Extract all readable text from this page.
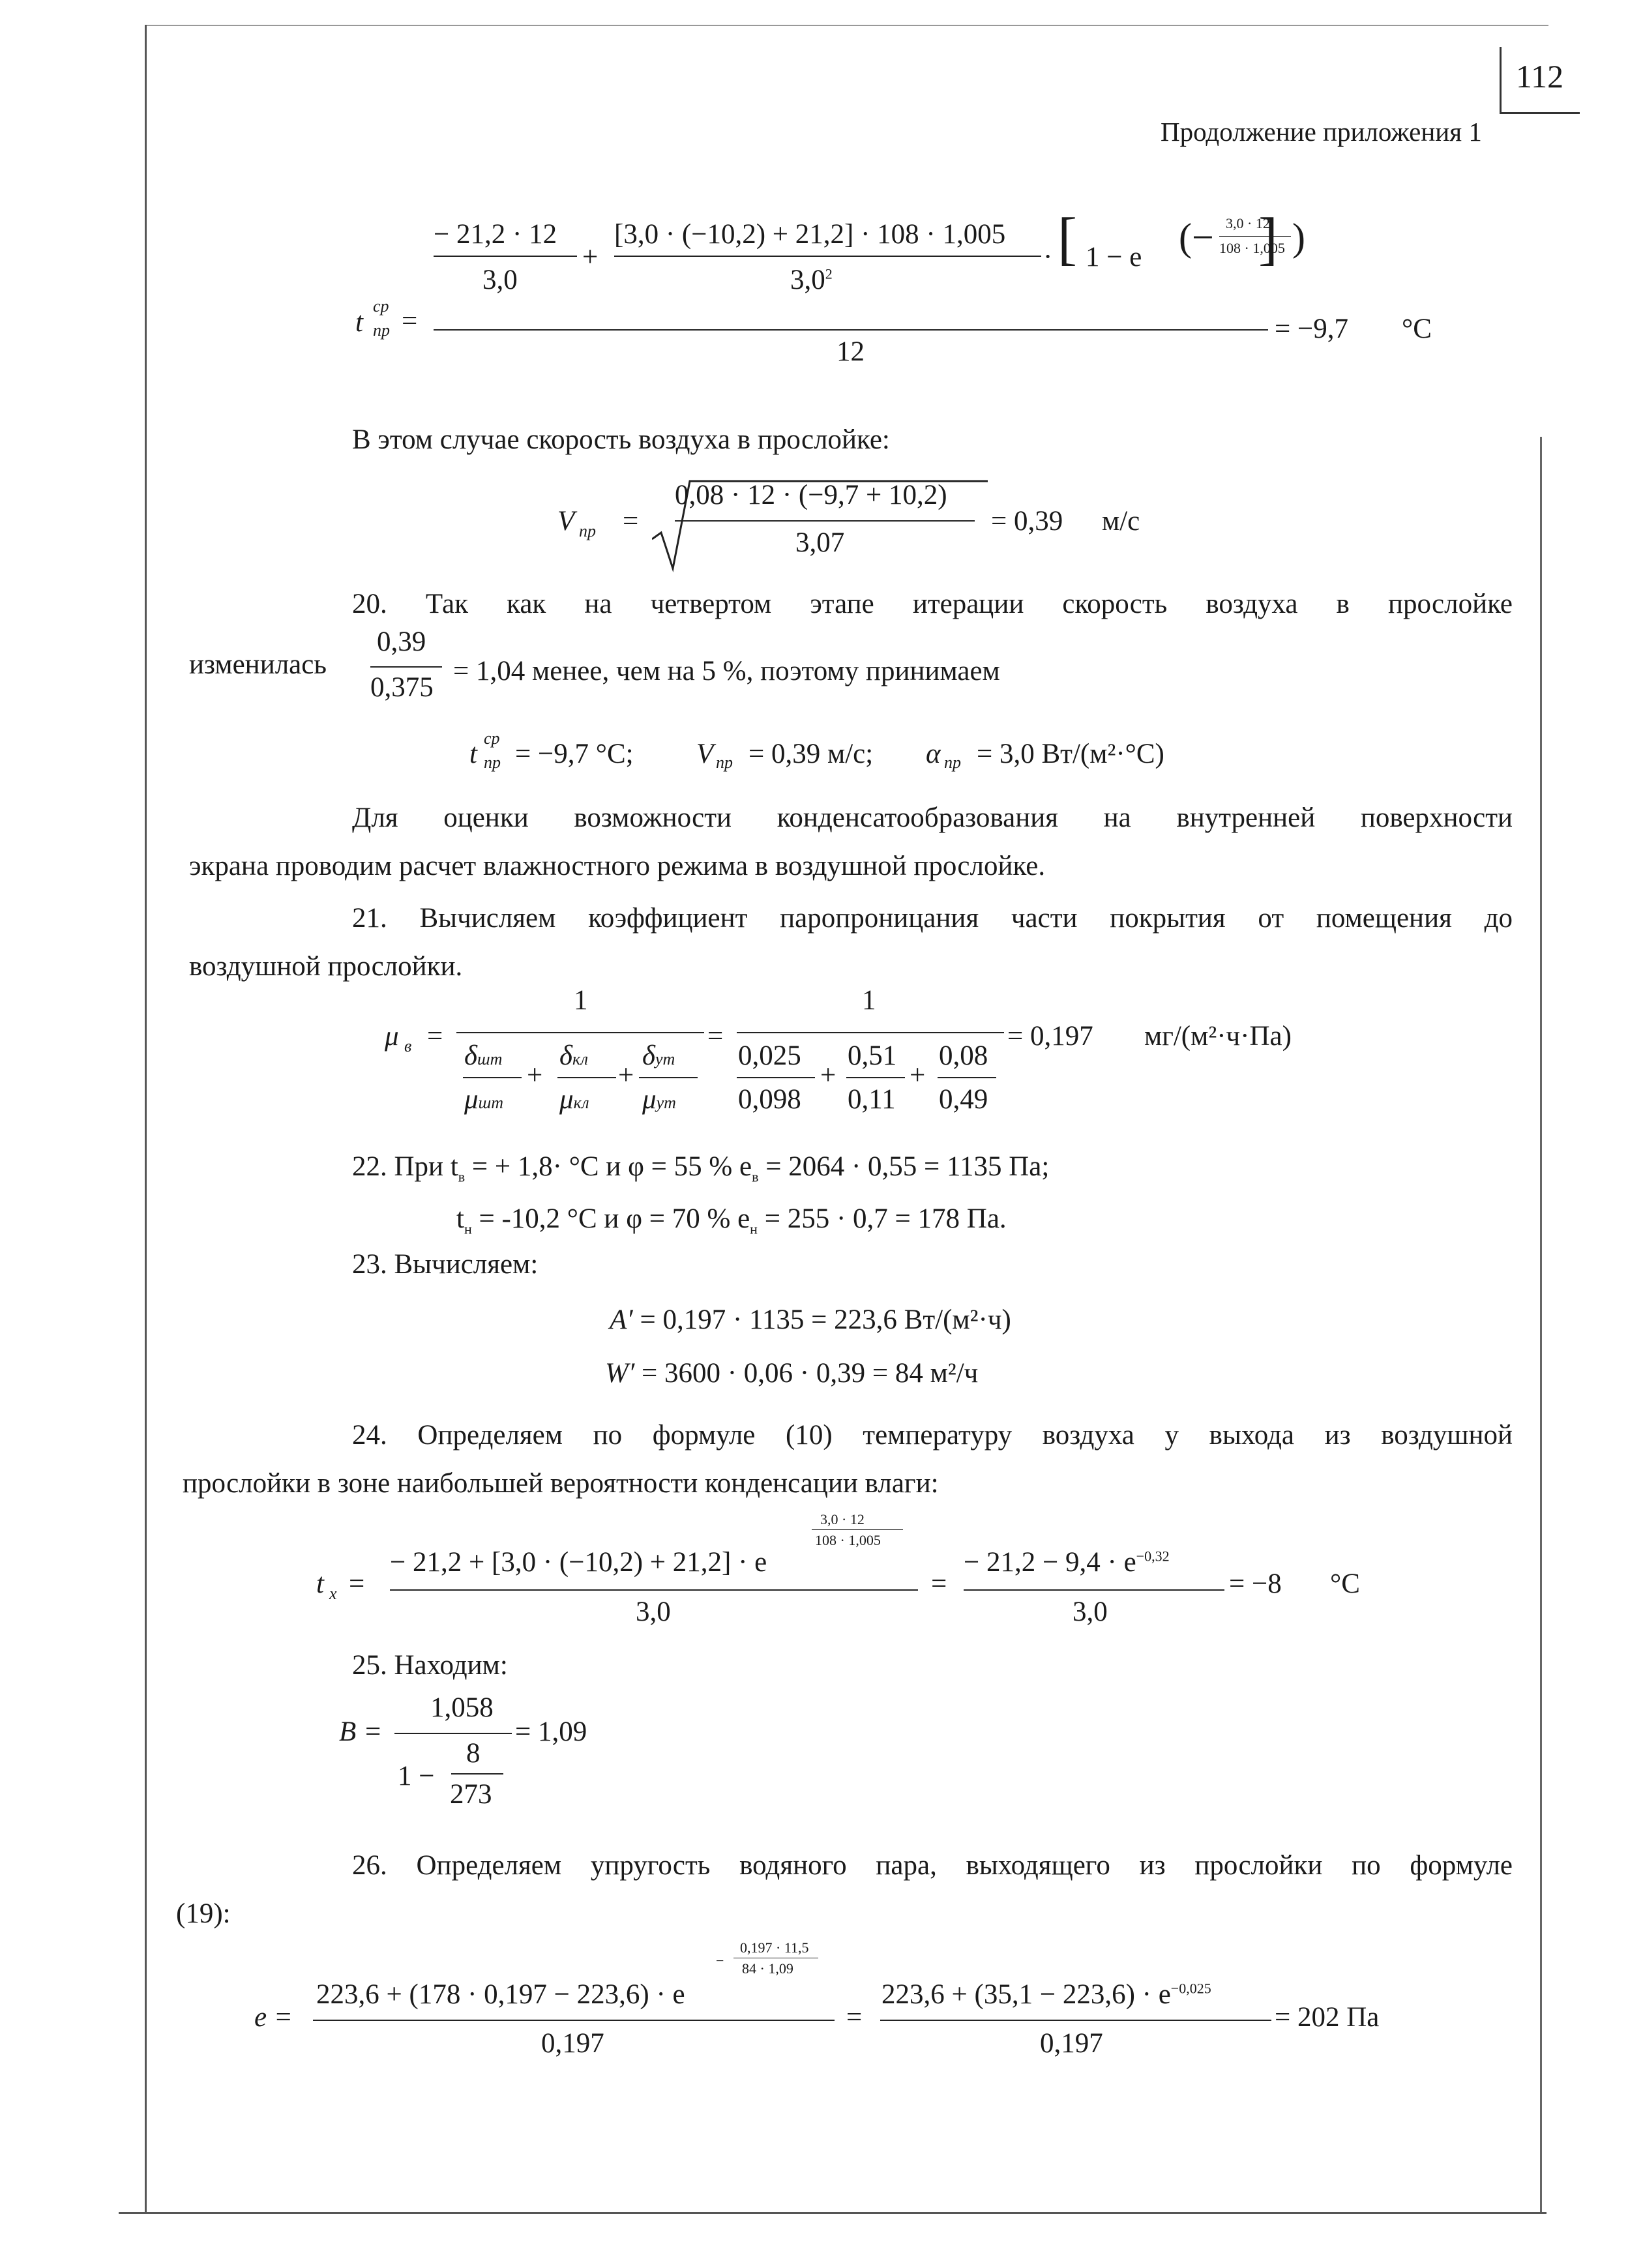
112
Продолжение приложения 1
t
ср
пр =
− 21,2 · 12
3,0
+
[3,0 · (−10,2) + 21,2] · 108 · 1,005
$3,0^2$
· [ 1 − e (− 3,0 · 12
108 · 1,005 )
]
12
= −9,7 °С
В этом случае скорость воздуха в прослойке:
V пр =
0,08 · 12 · (−9,7 + 10,2)
3,07
= 0,39 м/с
20. Так как на четвертом этапе итерации скорость воздуха в прослойке
изменилась
0,39
0,375
= 1,04 менее, чем на 5 %, поэтому принимаем
t
ср
пр = −9,7 °С; V пр = 0,39 м/с; α пр = 3,0 Вт/(м²·°С)
Для оценки возможности конденсатообразования на внутренней поверхности
экрана проводим расчет влажностного режима в воздушной прослойке.
21. Вычисляем коэффициент паропроницания части покрытия от помещения до
воздушной прослойки.
μ в =
1
δшт
μшт
+
δкл
μкл
+
δут
μут
=
1
0,025
0,098
+
0,51
0,11
+
0,08
0,49
= 0,197 мг/(м²·ч·Па)
22. При $t_в$ = + 1,8· °С и φ = 55 % $е_в = 2064 \cdot 0,55 = 1135$ Па;
$t_н = -10,2$ °С и φ = 70 % $е_н = 255 \cdot 0,7 = 178$ Па.
23. Вычисляем:
A′ = 0,197 · 1135 = 223,6 Вт/(м²·ч)
W′ = 3600 · 0,06 · 0,39 = 84 м²/ч
24. Определяем по формуле (10) температуру воздуха у выхода из воздушной
прослойки в зоне наибольшей вероятности конденсации влаги:
t x =
− 21,2 + [3,0 · (−10,2) + 21,2] · e
3,0 · 12
108 · 1,005
3,0
=
− $21,2 - 9,4 \cdot e^{-0,32}$
3,0
= −8 °С
25. Находим:
B =
1,058
1 −
8
273
= 1,09
26. Определяем упругость водяного пара, выходящего из прослойки по формуле
(19):
e =
223,6 + (178 · 0,197 − 223,6) · e
0,197 · 11,5
− 84 · 1,09
0,197
=
$223,6 + (35,1 - 223,6) \cdot e^{-0,025}$
0,197
= 202 Па
